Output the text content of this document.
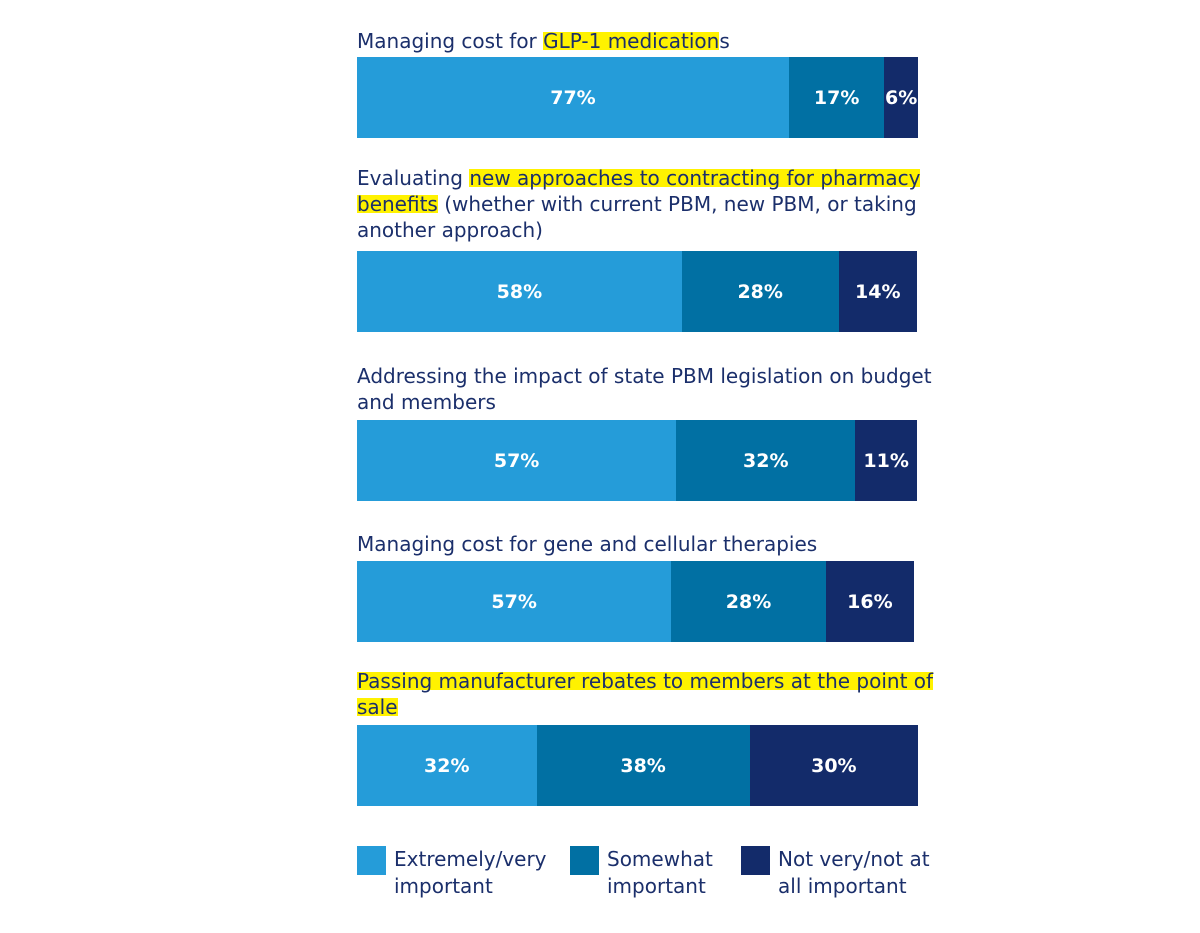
Managing cost for GLP-1 medications
77%	17% 6%
Evaluating new approaches to contracting for pharmacy benefits (whether with current PBM, new PBM, or taking another approach)
58%	28%	14%
Addressing the impact of state PBM legislation on budget and members
57%	32%	11%
Managing cost for gene and cellular therapies
57%	28%	16%
Passing manufacturer rebates to members at the point of sale
32%	38%	30%
Extremely/very important
Somewhat important
Not very/not at all important
